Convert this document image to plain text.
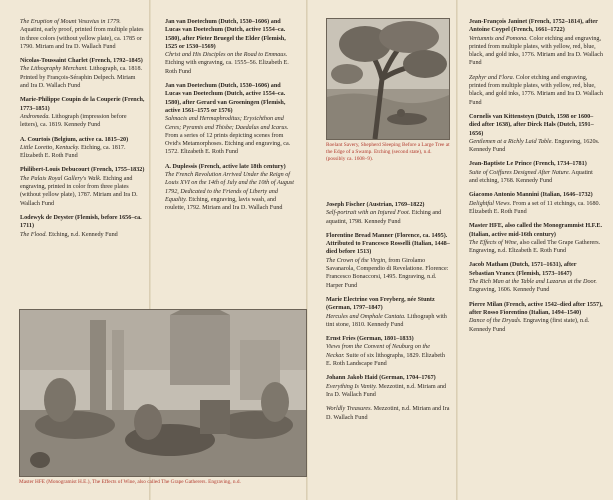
The Eruption of Mount Vesuvius in 1779. Aquatint, early proof, printed from multiple plates in three colors (without yellow plate), ca. 1785 or 1790. Miriam and Ira D. Wallach Fund
Nicolas-Toussaint Charlet (French, 1792–1845)
The Lithography Merchant. Lithograph, ca. 1818. Printed by François-Séraphin Delpech. Miriam and Ira D. Wallach Fund
Marie-Philippe Coupin de la Couperie (French, 1773–1851)
Andromeda. Lithograph (impression before letters), ca. 1819. Kennedy Fund
A. Courtois (Belgium, active ca. 1815–20)
Little Loretto, Kentucky. Etching, ca. 1817. Elizabeth E. Roth Fund
Philibert-Louis Debucourt (French, 1755–1832)
The Palais Royal Gallery's Walk. Etching and engraving, printed in color from three plates (without yellow plate), 1787. Miriam and Ira D. Wallach Fund
Lodewyk de Deyster (Flemish, before 1656–ca. 1711)
The Flood. Etching, n.d. Kennedy Fund
Jan van Doetechum (Dutch, 1530–1606) and Lucas van Doetechum (Dutch, active 1554–ca. 1580), after Pieter Bruegel the Elder (Flemish, 1525 or 1530–1569)
Christ and His Disciples on the Road to Emmaus. Etching with engraving, ca. 1555–56. Elizabeth E. Roth Fund
Jan van Doetechum (Dutch, 1530–1606) and Lucas van Doetechum (Dutch, active 1554–ca. 1580), after Gerard van Groeningen (Flemish, active 1561–1575 or 1576)
Salmacis and Hermaphroditus; Erysichthon and Ceres; Pyramis and Thisbe; Daedalus and Icarus. From a series of 12 prints depicting scenes from Ovid's Metamorphoses. Etching and engraving, ca. 1572. Elizabeth E. Roth Fund
A. Duplessis (French, active late 18th century)
The French Revolution Arrived Under the Reign of Louis XVI on the 14th of July and the 10th of August 1792, Dedicated to the Friends of Liberty and Equality. Etching, engraving, lavis wash, and roulette, 1792. Miriam and Ira D. Wallach Fund
Roelant Savery, Shepherd Sleeping Before a Large Tree at the Edge of a Swamp. Etching (second state), n.d. (possibly ca. 1608–9).
Joseph Fischer (Austrian, 1769–1822)
Self-portrait with an Injured Foot. Etching and aquatint, 1798. Kennedy Fund
Florentine Bread Manner (Florence, ca. 1495). Attributed to Francesco Rosselli (Italian, 1448–died before 1513)
The Crown of the Virgin, from Girolamo Savanarola, Compendio di Revelatione. Florence: Francesco Bonaccorsi, 1495. Engraving, n.d. Harper Fund
Marie Electrine von Freyberg, née Stuntz (German, 1797–1847)
Hercules and Omphale Cantata. Lithograph with tint stone, 1810. Kennedy Fund
Ernst Fries (German, 1801–1833)
Views from the Convent of Neuburg on the Neckar. Suite of six lithographs, 1829. Elizabeth E. Roth Landscape Fund
Johann Jakob Haid (German, 1704–1767)
Everything Is Vanity. Mezzotint, n.d. Miriam and Ira D. Wallach Fund
Worldly Treasures. Mezzotint, n.d. Miriam and Ira D. Wallach Fund
Jean-François Janinet (French, 1752–1814), after Antoine Coypel (French, 1661–1722)
Vertumnis and Pomona. Color etching and engraving, printed from multiple plates, with yellow, red, blue, black, and gold inks, 1776. Miriam and Ira D. Wallach Fund
Zephyr and Flora. Color etching and engraving, printed from multiple plates, with yellow, red, blue, black, and gold inks, 1776. Miriam and Ira D. Wallach Fund
Cornelis van Kittensteyn (Dutch, 1598 or 1600–died after 1638), after Dirck Hals (Dutch, 1591–1656)
Gentlemen at a Richly Laid Table. Engraving, 1620s. Kennedy Fund
Jean-Baptiste Le Prince (French, 1734–1781)
Suite of Coiffures Designed After Nature. Aquatint and etching, 1768. Kennedy Fund
Giacomo Antonio Mannini (Italian, 1646–1732)
Delightful Views. From a set of 11 etchings, ca. 1680. Elizabeth E. Roth Fund
Master HFE, also called the Monogrammist H.F.E. (Italian, active mid-16th century)
The Effects of Wine, also called The Grape Gatherers. Engraving, n.d. Elizabeth E. Roth Fund
Jacob Matham (Dutch, 1571–1631), after Sebastian Vrancx (Flemish, 1573–1647)
The Rich Man at the Table and Lazarus at the Door. Engraving, 1606. Kennedy Fund
Pierre Milan (French, active 1542–died after 1557), after Rosso Fiorentino (Italian, 1494–1540)
Dance of the Dryads. Engraving (first state), n.d. Kennedy Fund
Master HFE (Monogramist H.E.), The Effects of Wine, also called The Grape Gatherers. Engraving, n.d.
